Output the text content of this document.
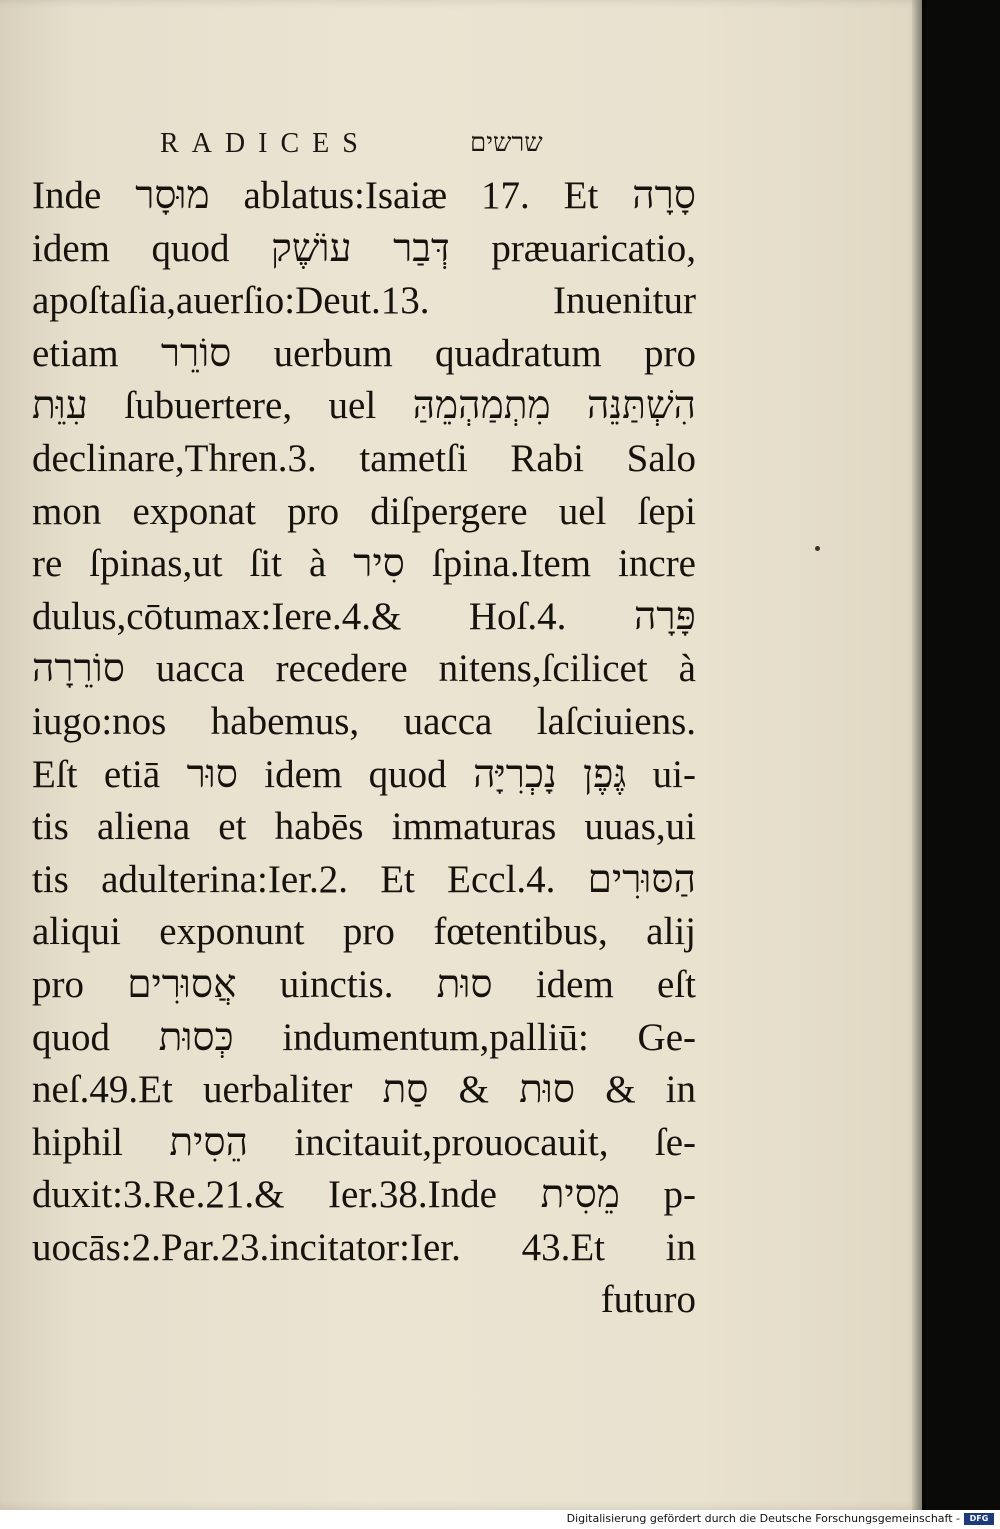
RADICES	שרשים
Inde מוּסָר ablatus:Isaiæ 17. Et סָרָה
idem quod דְּבַר עוֹשֶׁק præuaricatio,
apoſtaſia,auerſio:Deut.13. Inuenitur
etiam סוֹרֵר uerbum quadratum pro
עִוֵּת ſubuertere, uel הִשְׁתַּנֵּה מִתְמַהְמֵהַּ
declinare,Thren.3. tametſi Rabi Salo
mon exponat pro diſpergere uel ſepi
re ſpinas,ut ſit à סִיר ſpina.Item incre
dulus,cōtumax:Iere.4.& Hoſ.4. פָּרָה
סוֹרֵרָה uacca recedere nitens,ſcilicet à
iugo:nos habemus, uacca laſciuiens.
Eſt etiā סוּר idem quod גֶּפֶן נָכְרִיָּה ui-
tis aliena et habēs immaturas uuas,ui
tis adulterina:Ier.2. Et Eccl.4. הַסּוּרִים
aliqui exponunt pro fœtentibus, alij
pro אֲסוּרִים uinctis. סוּת idem eſt
quod כְּסוּת indumentum,palliū: Ge-
neſ.49.Et uerbaliter סוּת & סַת & in
hiphil הֵסִית incitauit,prouocauit, ſe-
duxit:3.Re.21.& Ier.38.Inde מֵסִית p-
uocās:2.Par.23.incitator:Ier. 43.Et in
futuro
Digitalisierung gefördert durch die Deutsche Forschungsgemeinschaft -	DFG
